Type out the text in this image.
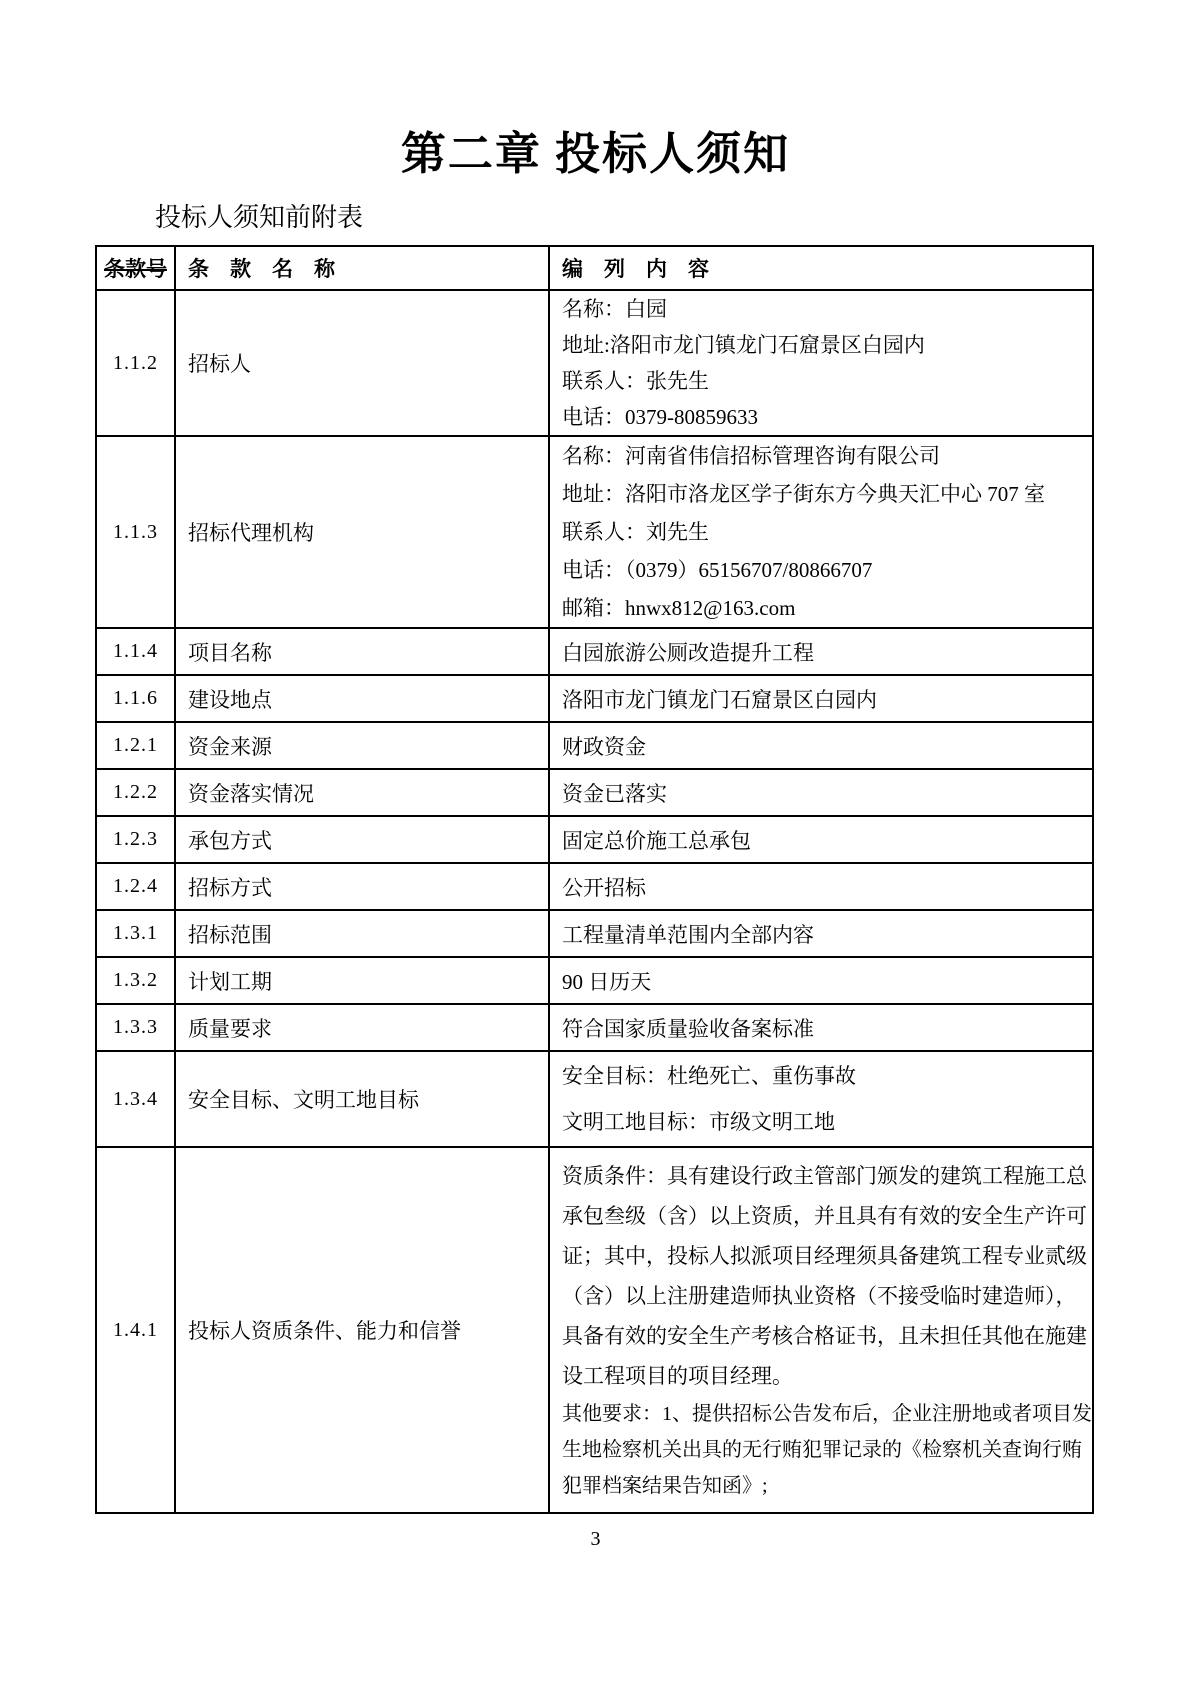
第二章 投标人须知
投标人须知前附表
条款号	条　款　名　称	编　列　内　容
1.1.2	招标人	名称：白园
地址:洛阳市龙门镇龙门石窟景区白园内
联系人：张先生
电话：0379-80859633

1.1.3	招标代理机构	名称：河南省伟信招标管理咨询有限公司
地址：洛阳市洛龙区学子街东方今典天汇中心 707 室
联系人：刘先生
电话：（0379）65156707/80866707
邮箱：hnwx812@163.com

1.1.4	项目名称	白园旅游公厕改造提升工程

1.1.6	建设地点	洛阳市龙门镇龙门石窟景区白园内

1.2.1	资金来源	财政资金

1.2.2	资金落实情况	资金已落实

1.2.3	承包方式	固定总价施工总承包

1.2.4	招标方式	公开招标

1.3.1	招标范围	工程量清单范围内全部内容

1.3.2	计划工期	90 日历天

1.3.3	质量要求	符合国家质量验收备案标准

1.3.4	安全目标、文明工地目标	安全目标：杜绝死亡、重伤事故
文明工地目标：市级文明工地

1.4.1	投标人资质条件、能力和信誉	
资质条件：具有建设行政主管部门颁发的建筑工程施工总
承包叁级（含）以上资质，并且具有有效的安全生产许可
证；其中，投标人拟派项目经理须具备建筑工程专业贰级
（含）以上注册建造师执业资格（不接受临时建造师），
具备有效的安全生产考核合格证书，且未担任其他在施建
设工程项目的项目经理。
其他要求：1、提供招标公告发布后，企业注册地或者项目发
生地检察机关出具的无行贿犯罪记录的《检察机关查询行贿
犯罪档案结果告知函》;
3
